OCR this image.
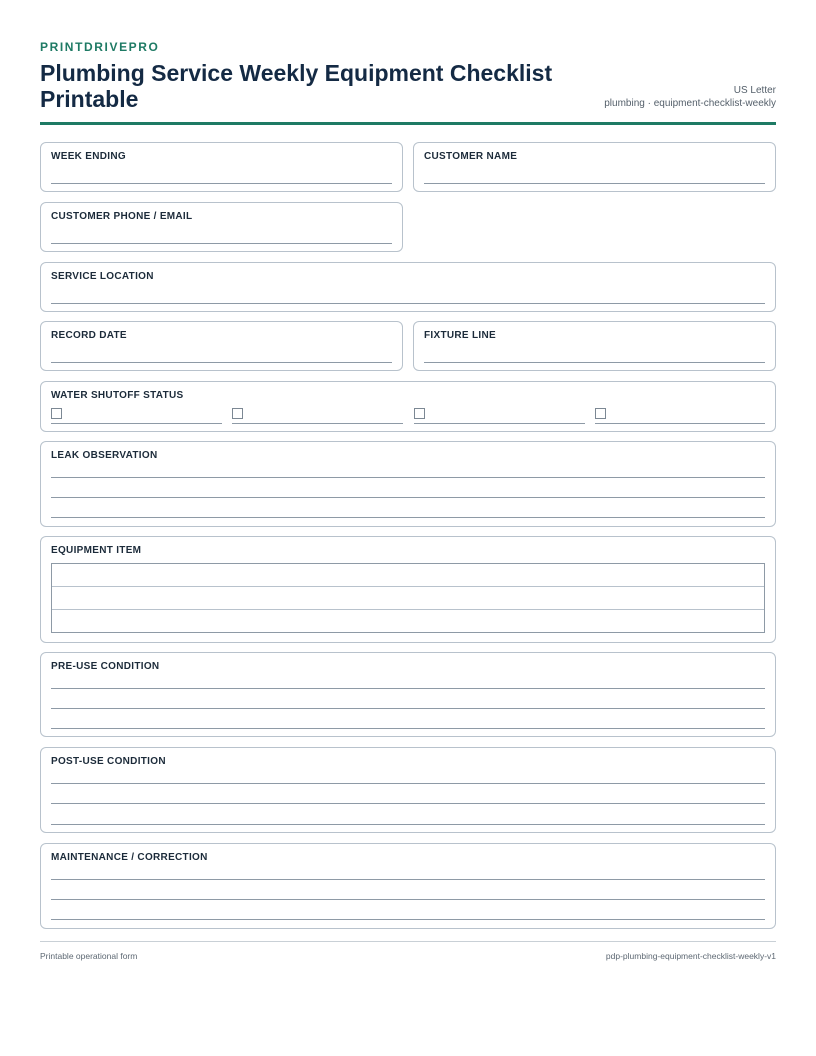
PRINTDRIVEPRO
Plumbing Service Weekly Equipment Checklist Printable	US Letter
plumbing · equipment-checklist-weekly
WEEK ENDING	CUSTOMER NAME
CUSTOMER PHONE / EMAIL
SERVICE LOCATION
RECORD DATE	FIXTURE LINE
WATER SHUTOFF STATUS
LEAK OBSERVATION
EQUIPMENT ITEM
PRE-USE CONDITION
POST-USE CONDITION
MAINTENANCE / CORRECTION
Printable operational form	pdp-plumbing-equipment-checklist-weekly-v1
